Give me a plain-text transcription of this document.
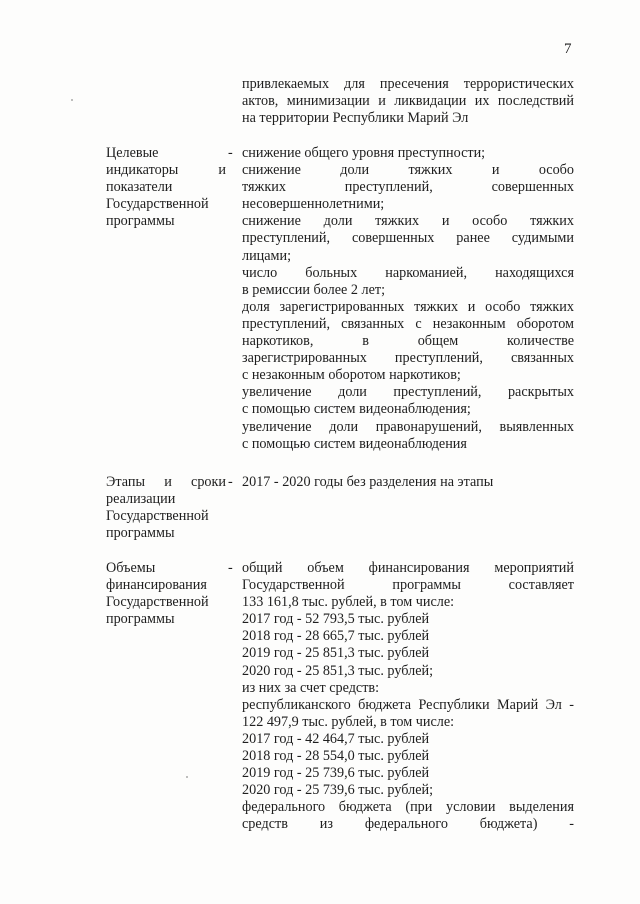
7
привлекаемых для пресечения террористических
актов, минимизации и ликвидации их последствий
на территории Республики Марий Эл
Целевые
индикаторы и
показатели
Государственной
программы
- снижение общего уровня преступности;
снижение доли тяжких и особо
тяжких преступлений, совершенных
несовершеннолетними;
снижение доли тяжких и особо тяжких
преступлений, совершенных ранее судимыми
лицами;
число больных наркоманией, находящихся
в ремиссии более 2 лет;
доля зарегистрированных тяжких и особо тяжких
преступлений, связанных с незаконным оборотом
наркотиков, в общем количестве
зарегистрированных преступлений, связанных
с незаконным оборотом наркотиков;
увеличение доли преступлений, раскрытых
с помощью систем видеонаблюдения;
увеличение доли правонарушений, выявленных
с помощью систем видеонаблюдения
Этапы и сроки
реализации
Государственной
программы
- 2017 - 2020 годы без разделения на этапы
Объемы
финансирования
Государственной
программы
- общий объем финансирования мероприятий
Государственной программы составляет
133 161,8 тыс. рублей, в том числе:
2017 год - 52 793,5 тыс. рублей
2018 год - 28 665,7 тыс. рублей
2019 год - 25 851,3 тыс. рублей
2020 год - 25 851,3 тыс. рублей;
из них за счет средств:
республиканского бюджета Республики Марий Эл -
122 497,9 тыс. рублей, в том числе:
2017 год - 42 464,7 тыс. рублей
2018 год - 28 554,0 тыс. рублей
2019 год - 25 739,6 тыс. рублей
2020 год - 25 739,6 тыс. рублей;
федерального бюджета (при условии выделения
средств из федерального бюджета) -
